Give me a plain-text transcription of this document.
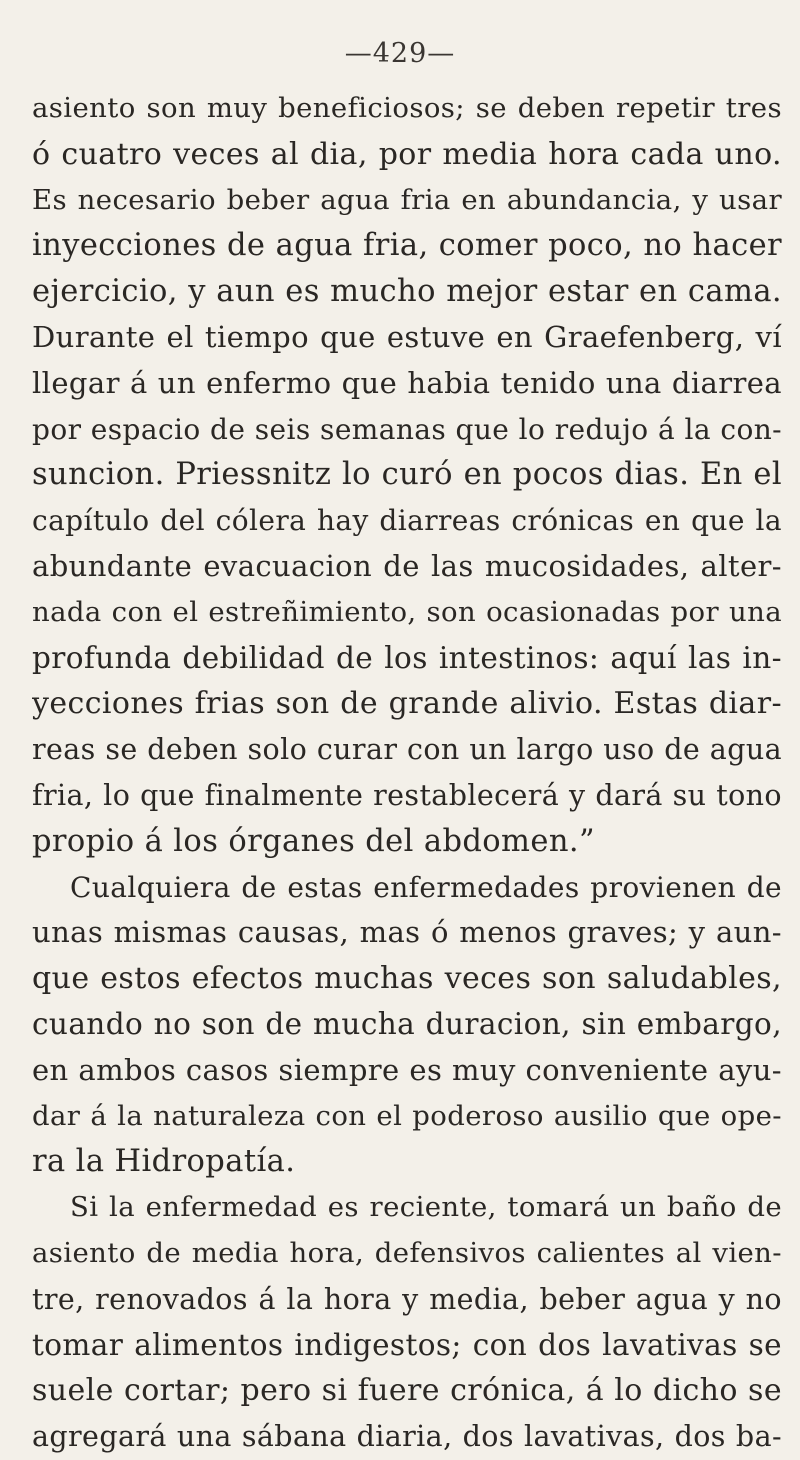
—429—
asiento son muy beneficiosos; se deben repetir tres
ó cuatro veces al dia, por media hora cada uno.
Es necesario beber agua fria en abundancia, y usar
inyecciones de agua fria, comer poco, no hacer
ejercicio, y aun es mucho mejor estar en cama.
Durante el tiempo que estuve en Graefenberg, ví
llegar á un enfermo que habia tenido una diarrea
por espacio de seis semanas que lo redujo á la con-
suncion. Priessnitz lo curó en pocos dias. En el
capítulo del cólera hay diarreas crónicas en que la
abundante evacuacion de las mucosidades, alter-
nada con el estreñimiento, son ocasionadas por una
profunda debilidad de los intestinos: aquí las in-
yecciones frias son de grande alivio. Estas diar-
reas se deben solo curar con un largo uso de agua
fria, lo que finalmente restablecerá y dará su tono
propio á los órganes del abdomen.”
Cualquiera de estas enfermedades provienen de
unas mismas causas, mas ó menos graves; y aun-
que estos efectos muchas veces son saludables,
cuando no son de mucha duracion, sin embargo,
en ambos casos siempre es muy conveniente ayu-
dar á la naturaleza con el poderoso ausilio que ope-
ra la Hidropatía.
Si la enfermedad es reciente, tomará un baño de
asiento de media hora, defensivos calientes al vien-
tre, renovados á la hora y media, beber agua y no
tomar alimentos indigestos; con dos lavativas se
suele cortar; pero si fuere crónica, á lo dicho se
agregará una sábana diaria, dos lavativas, dos ba-
